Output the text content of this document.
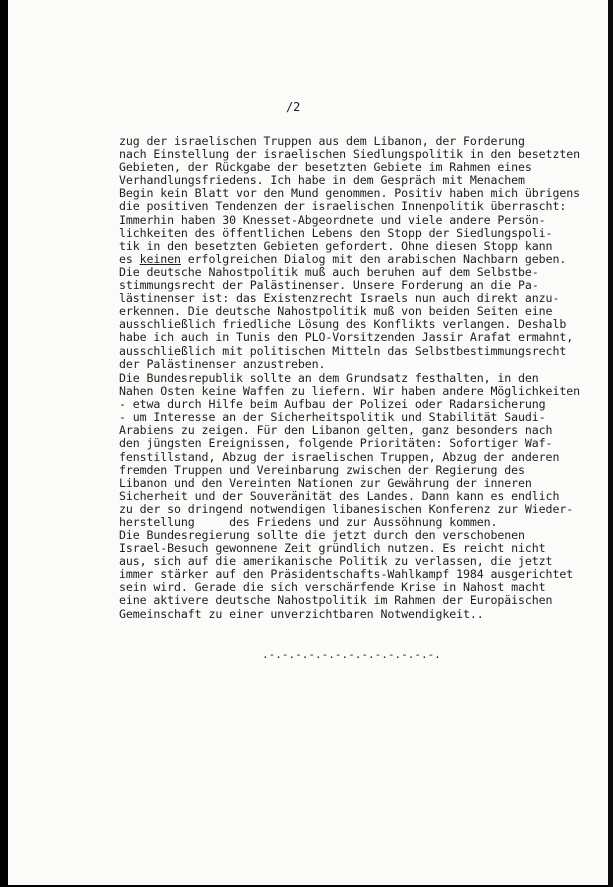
/2
zug der israelischen Truppen aus dem Libanon, der Forderung
nach Einstellung der israelischen Siedlungspolitik in den besetzten
Gebieten, der Rückgabe der besetzten Gebiete im Rahmen eines
Verhandlungsfriedens. Ich habe in dem Gespräch mit Menachem
Begin kein Blatt vor den Mund genommen. Positiv haben mich übrigens
die positiven Tendenzen der israelischen Innenpolitik überrascht:
Immerhin haben 30 Knesset-Abgeordnete und viele andere Persön-
lichkeiten des öffentlichen Lebens den Stopp der Siedlungspoli-
tik in den besetzten Gebieten gefordert. Ohne diesen Stopp kann
es keinen erfolgreichen Dialog mit den arabischen Nachbarn geben.
Die deutsche Nahostpolitik muß auch beruhen auf dem Selbstbe-
stimmungsrecht der Palästinenser. Unsere Forderung an die Pa-
lästinenser ist: das Existenzrecht Israels nun auch direkt anzu-
erkennen. Die deutsche Nahostpolitik muß von beiden Seiten eine
ausschließlich friedliche Lösung des Konflikts verlangen. Deshalb
habe ich auch in Tunis den PLO-Vorsitzenden Jassir Arafat ermahnt,
ausschließlich mit politischen Mitteln das Selbstbestimmungsrecht
der Palästinenser anzustreben.
Die Bundesrepublik sollte an dem Grundsatz festhalten, in den
Nahen Osten keine Waffen zu liefern. Wir haben andere Möglichkeiten
- etwa durch Hilfe beim Aufbau der Polizei oder Radarsicherung
- um Interesse an der Sicherheitspolitik und Stabilität Saudi-
Arabiens zu zeigen. Für den Libanon gelten, ganz besonders nach
den jüngsten Ereignissen, folgende Prioritäten: Sofortiger Waf-
fenstillstand, Abzug der israelischen Truppen, Abzug der anderen
fremden Truppen und Vereinbarung zwischen der Regierung des
Libanon und den Vereinten Nationen zur Gewährung der inneren
Sicherheit und der Souveränität des Landes. Dann kann es endlich
zu der so dringend notwendigen libanesischen Konferenz zur Wieder-
herstellung     des Friedens und zur Aussöhnung kommen.
Die Bundesregierung sollte die jetzt durch den verschobenen
Israel-Besuch gewonnene Zeit gründlich nutzen. Es reicht nicht
aus, sich auf die amerikanische Politik zu verlassen, die jetzt
immer stärker auf den Präsidentschafts-Wahlkampf 1984 ausgerichtet
sein wird. Gerade die sich verschärfende Krise in Nahost macht
eine aktivere deutsche Nahostpolitik im Rahmen der Europäischen
Gemeinschaft zu einer unverzichtbaren Notwendigkeit..
.-.-.-.-.-.-.-.-.-.-.-.-.-.
